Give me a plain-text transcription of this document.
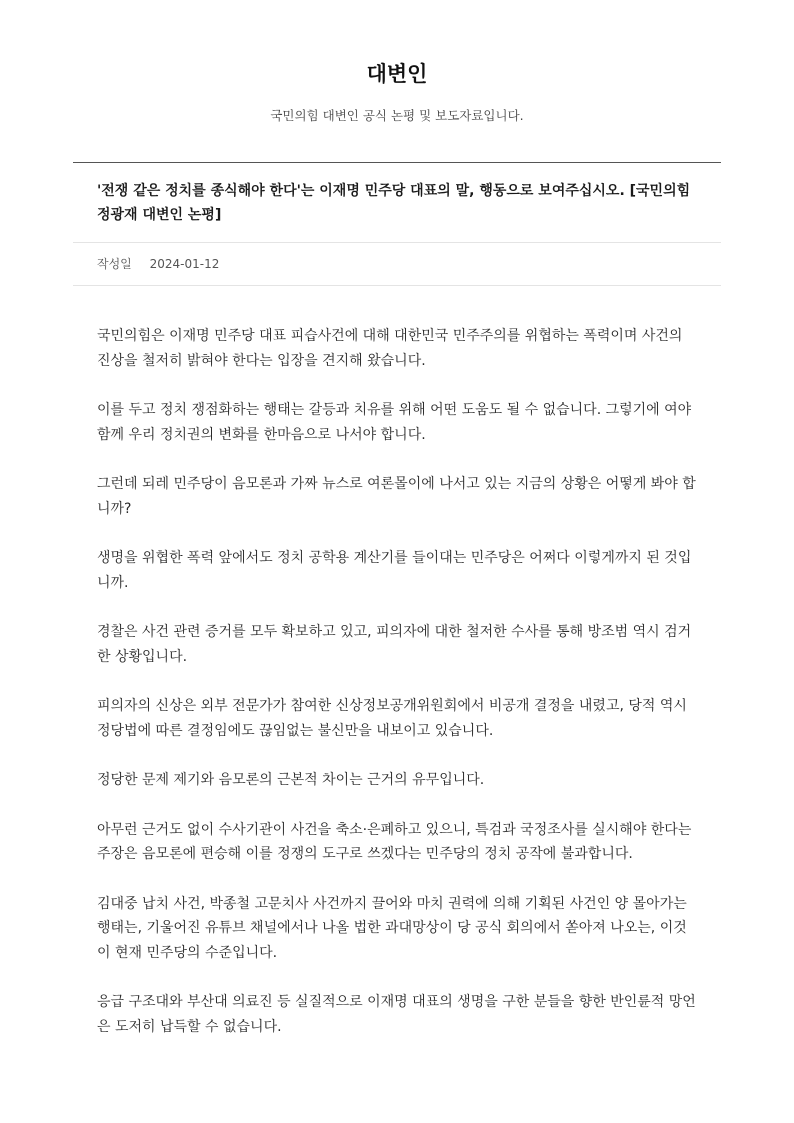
대변인

국민의힘 대변인 공식 논평 및 보도자료입니다.

'전쟁 같은 정치를 종식해야 한다'는 이재명 민주당 대표의 말, 행동으로 보여주십시오. [국민의힘 정광재 대변인 논평]
작성일 2024-01-12

국민의힘은 이재명 민주당 대표 피습사건에 대해 대한민국 민주주의를 위협하는 폭력이며 사건의 진상을 철저히 밝혀야 한다는 입장을 견지해 왔습니다.

이를 두고 정치 쟁점화하는 행태는 갈등과 치유를 위해 어떤 도움도 될 수 없습니다. 그렇기에 여야 함께 우리 정치권의 변화를 한마음으로 나서야 합니다.

그런데 되레 민주당이 음모론과 가짜 뉴스로 여론몰이에 나서고 있는 지금의 상황은 어떻게 봐야 합니까?

생명을 위협한 폭력 앞에서도 정치 공학용 계산기를 들이대는 민주당은 어쩌다 이렇게까지 된 것입니까.

경찰은 사건 관련 증거를 모두 확보하고 있고, 피의자에 대한 철저한 수사를 통해 방조범 역시 검거한 상황입니다.

피의자의 신상은 외부 전문가가 참여한 신상정보공개위원회에서 비공개 결정을 내렸고, 당적 역시 정당법에 따른 결정임에도 끊임없는 불신만을 내보이고 있습니다.

정당한 문제 제기와 음모론의 근본적 차이는 근거의 유무입니다.

아무런 근거도 없이 수사기관이 사건을 축소·은폐하고 있으니, 특검과 국정조사를 실시해야 한다는 주장은 음모론에 편승해 이를 정쟁의 도구로 쓰겠다는 민주당의 정치 공작에 불과합니다.

김대중 납치 사건, 박종철 고문치사 사건까지 끌어와 마치 권력에 의해 기획된 사건인 양 몰아가는 행태는, 기울어진 유튜브 채널에서나 나올 법한 과대망상이 당 공식 회의에서 쏟아져 나오는, 이것이 현재 민주당의 수준입니다.

응급 구조대와 부산대 의료진 등 실질적으로 이재명 대표의 생명을 구한 분들을 향한 반인륜적 망언은 도저히 납득할 수 없습니다.
